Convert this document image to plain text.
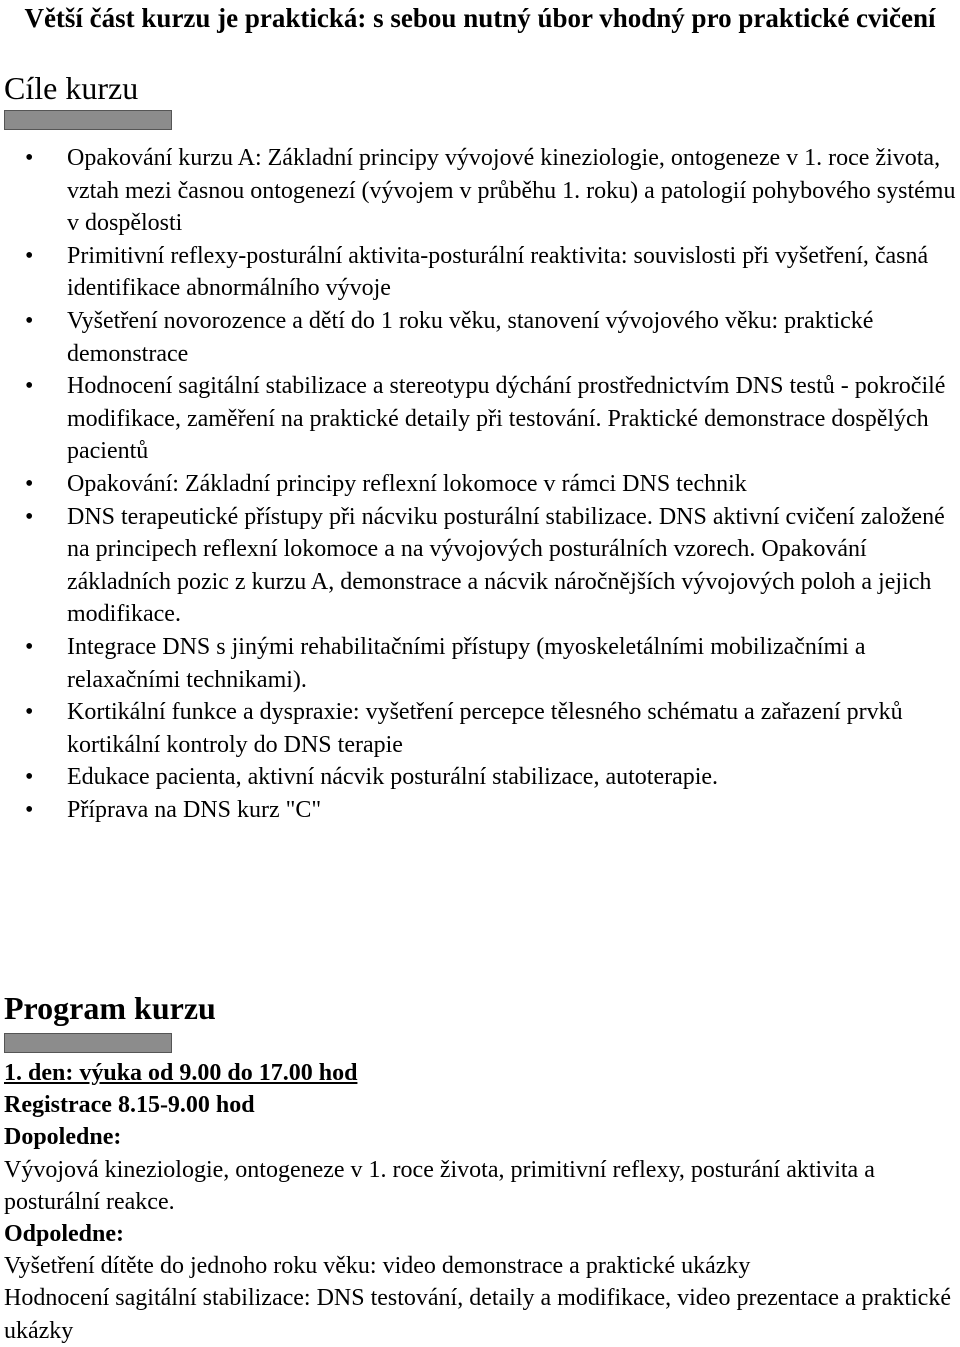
Větší část kurzu je praktická: s sebou nutný úbor vhodný pro praktické cvičení
Cíle kurzu
• Opakování kurzu A: Základní principy vývojové kineziologie, ontogeneze v 1. roce života, vztah mezi časnou ontogenezí (vývojem v průběhu 1. roku) a patologií pohybového systému v dospělosti
• Primitivní reflexy-posturální aktivita-posturální reaktivita: souvislosti při vyšetření, časná identifikace abnormálního vývoje
• Vyšetření novorozence a dětí do 1 roku věku, stanovení vývojového věku: praktické demonstrace
• Hodnocení sagitální stabilizace a stereotypu dýchání prostřednictvím DNS testů - pokročilé modifikace, zaměření na praktické detaily při testování. Praktické demonstrace dospělých pacientů
• Opakování: Základní principy reflexní lokomoce v rámci DNS technik
• DNS terapeutické přístupy při nácviku posturální stabilizace. DNS aktivní cvičení založené na principech reflexní lokomoce a na vývojových posturálních vzorech. Opakování základních pozic z kurzu A, demonstrace a nácvik náročnějších vývojových poloh a jejich modifikace.
• Integrace DNS s jinými rehabilitačními přístupy (myoskeletálními mobilizačními a relaxačními technikami).
• Kortikální funkce a dyspraxie: vyšetření percepce tělesného schématu a zařazení prvků kortikální kontroly do DNS terapie
• Edukace pacienta, aktivní nácvik posturální stabilizace, autoterapie.
• Příprava na DNS kurz "C"
Program kurzu
1. den: výuka od 9.00 do 17.00 hod
Registrace 8.15-9.00 hod
Dopoledne:
Vývojová kineziologie, ontogeneze v 1. roce života, primitivní reflexy, posturání aktivita a posturální reakce.
Odpoledne:
Vyšetření dítěte do jednoho roku věku: video demonstrace a praktické ukázky
Hodnocení sagitální stabilizace: DNS testování, detaily a modifikace, video prezentace a praktické ukázky
